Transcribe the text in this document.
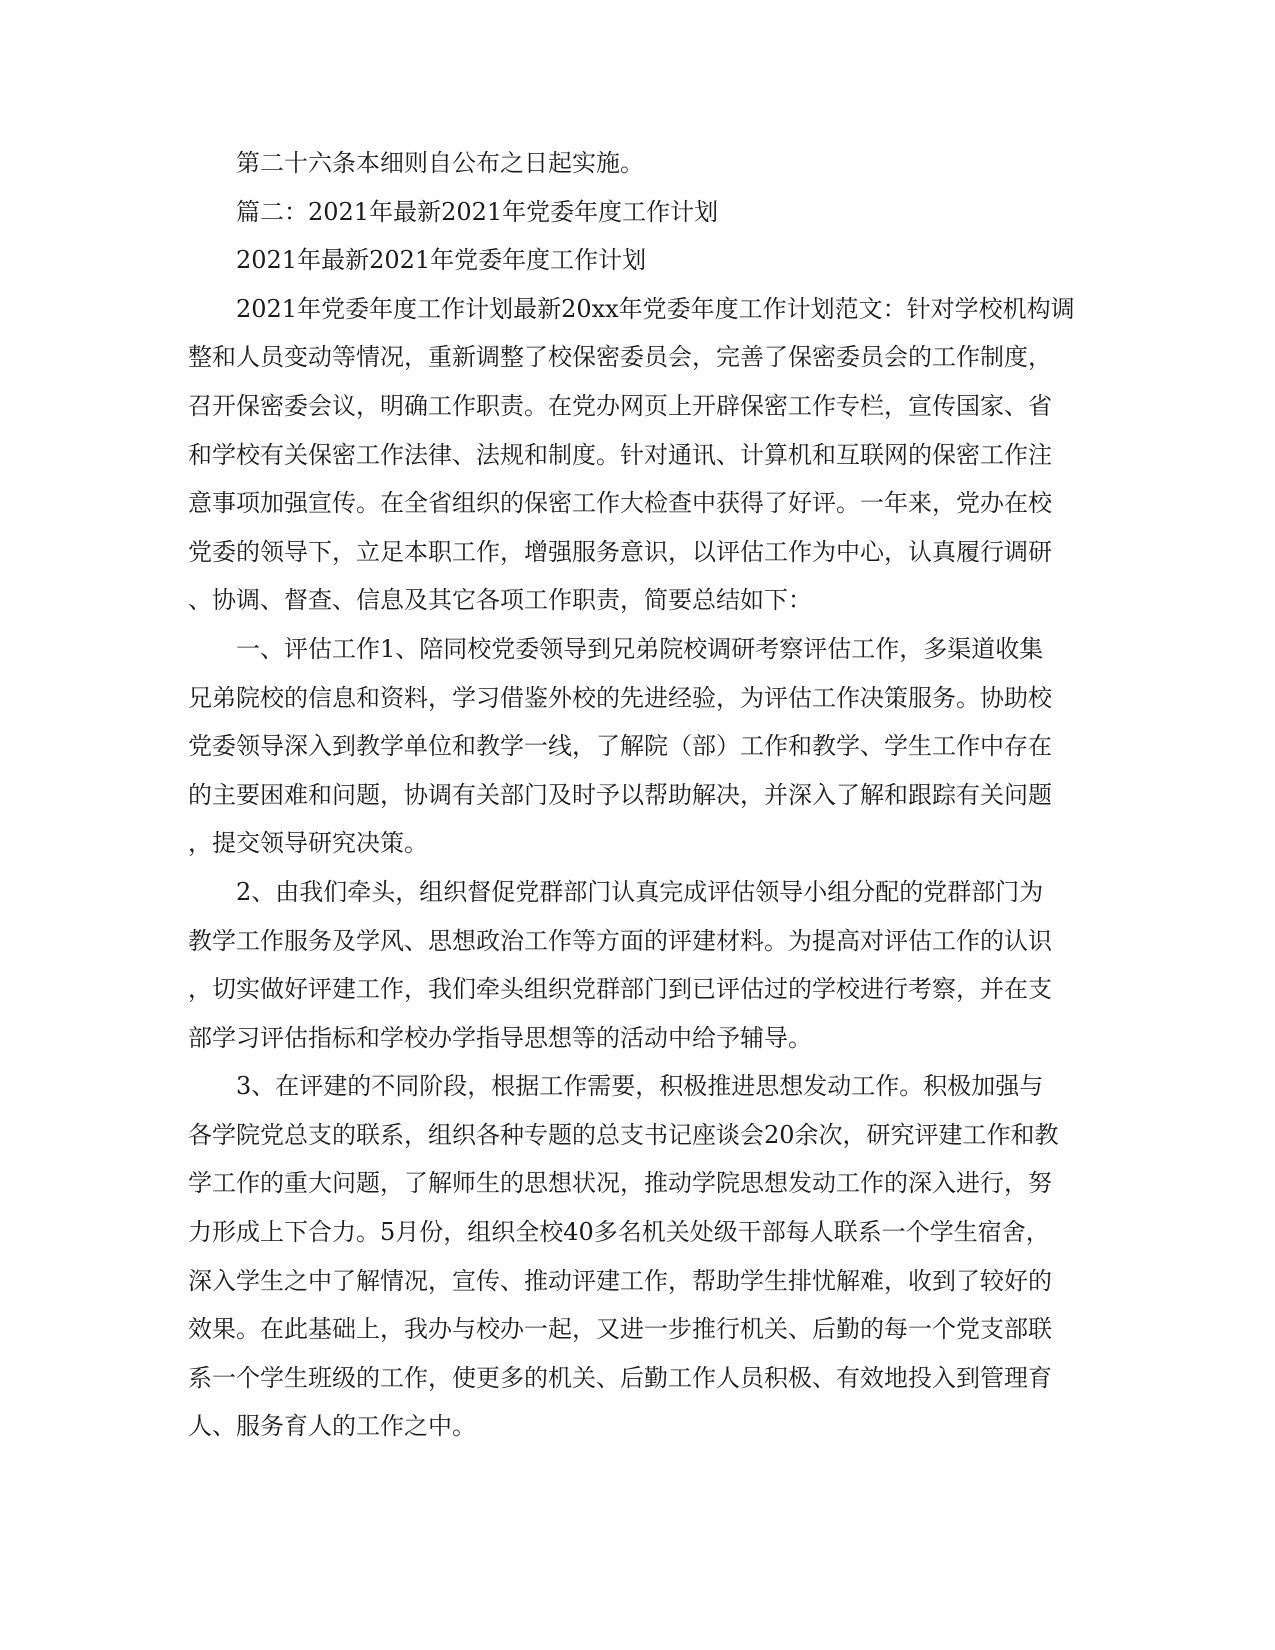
第二十六条本细则自公布之日起实施。

篇二：2021年最新2021年党委年度工作计划

2021年最新2021年党委年度工作计划

2021年党委年度工作计划最新20xx年党委年度工作计划范文：针对学校机构调
整和人员变动等情况，重新调整了校保密委员会，完善了保密委员会的工作制度，
召开保密委会议，明确工作职责。在党办网页上开辟保密工作专栏，宣传国家、省
和学校有关保密工作法律、法规和制度。针对通讯、计算机和互联网的保密工作注
意事项加强宣传。在全省组织的保密工作大检查中获得了好评。一年来，党办在校
党委的领导下，立足本职工作，增强服务意识，以评估工作为中心，认真履行调研
、协调、督查、信息及其它各项工作职责，简要总结如下：

一、评估工作1、陪同校党委领导到兄弟院校调研考察评估工作，多渠道收集
兄弟院校的信息和资料，学习借鉴外校的先进经验，为评估工作决策服务。协助校
党委领导深入到教学单位和教学一线，了解院（部）工作和教学、学生工作中存在
的主要困难和问题，协调有关部门及时予以帮助解决，并深入了解和跟踪有关问题
，提交领导研究决策。

2、由我们牵头，组织督促党群部门认真完成评估领导小组分配的党群部门为
教学工作服务及学风、思想政治工作等方面的评建材料。为提高对评估工作的认识
，切实做好评建工作，我们牵头组织党群部门到已评估过的学校进行考察，并在支
部学习评估指标和学校办学指导思想等的活动中给予辅导。

3、在评建的不同阶段，根据工作需要，积极推进思想发动工作。积极加强与
各学院党总支的联系，组织各种专题的总支书记座谈会20余次，研究评建工作和教
学工作的重大问题，了解师生的思想状况，推动学院思想发动工作的深入进行，努
力形成上下合力。5月份，组织全校40多名机关处级干部每人联系一个学生宿舍，
深入学生之中了解情况，宣传、推动评建工作，帮助学生排忧解难，收到了较好的
效果。在此基础上，我办与校办一起，又进一步推行机关、后勤的每一个党支部联
系一个学生班级的工作，使更多的机关、后勤工作人员积极、有效地投入到管理育
人、服务育人的工作之中。
